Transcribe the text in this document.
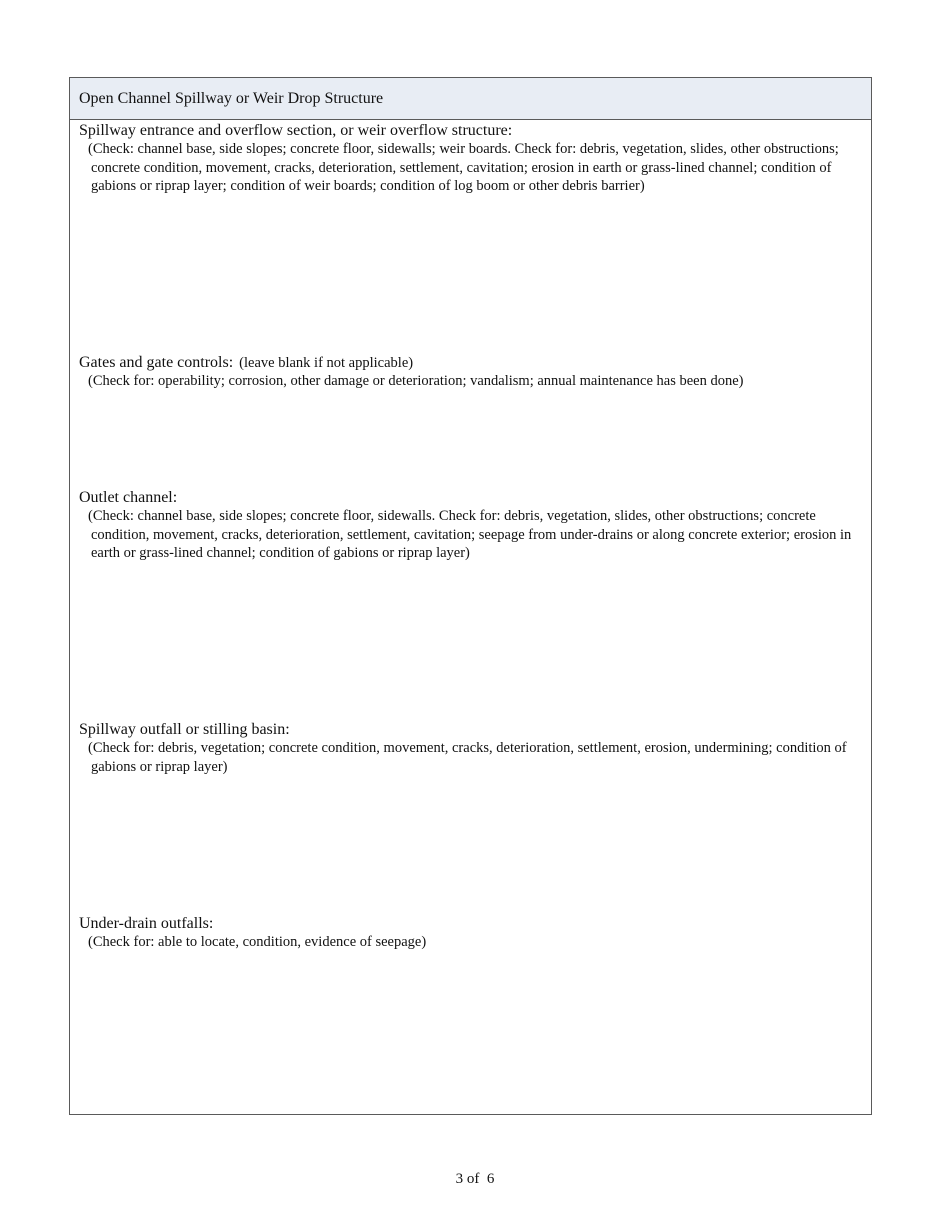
Open Channel Spillway or Weir Drop Structure
Spillway entrance and overflow section, or weir overflow structure:
(Check: channel base, side slopes; concrete floor, sidewalls; weir boards. Check for: debris, vegetation, slides, other obstructions; concrete condition, movement, cracks, deterioration, settlement, cavitation; erosion in earth or grass-lined channel; condition of gabions or riprap layer; condition of weir boards; condition of log boom or other debris barrier)
Gates and gate controls: (leave blank if not applicable)
(Check for: operability; corrosion, other damage or deterioration; vandalism; annual maintenance has been done)
Outlet channel:
(Check: channel base, side slopes; concrete floor, sidewalls. Check for: debris, vegetation, slides, other obstructions; concrete condition, movement, cracks, deterioration, settlement, cavitation; seepage from under-drains or along concrete exterior; erosion in earth or grass-lined channel; condition of gabions or riprap layer)
Spillway outfall or stilling basin:
(Check for: debris, vegetation; concrete condition, movement, cracks, deterioration, settlement, erosion, undermining; condition of gabions or riprap layer)
Under-drain outfalls:
(Check for: able to locate, condition, evidence of seepage)
3 of  6
